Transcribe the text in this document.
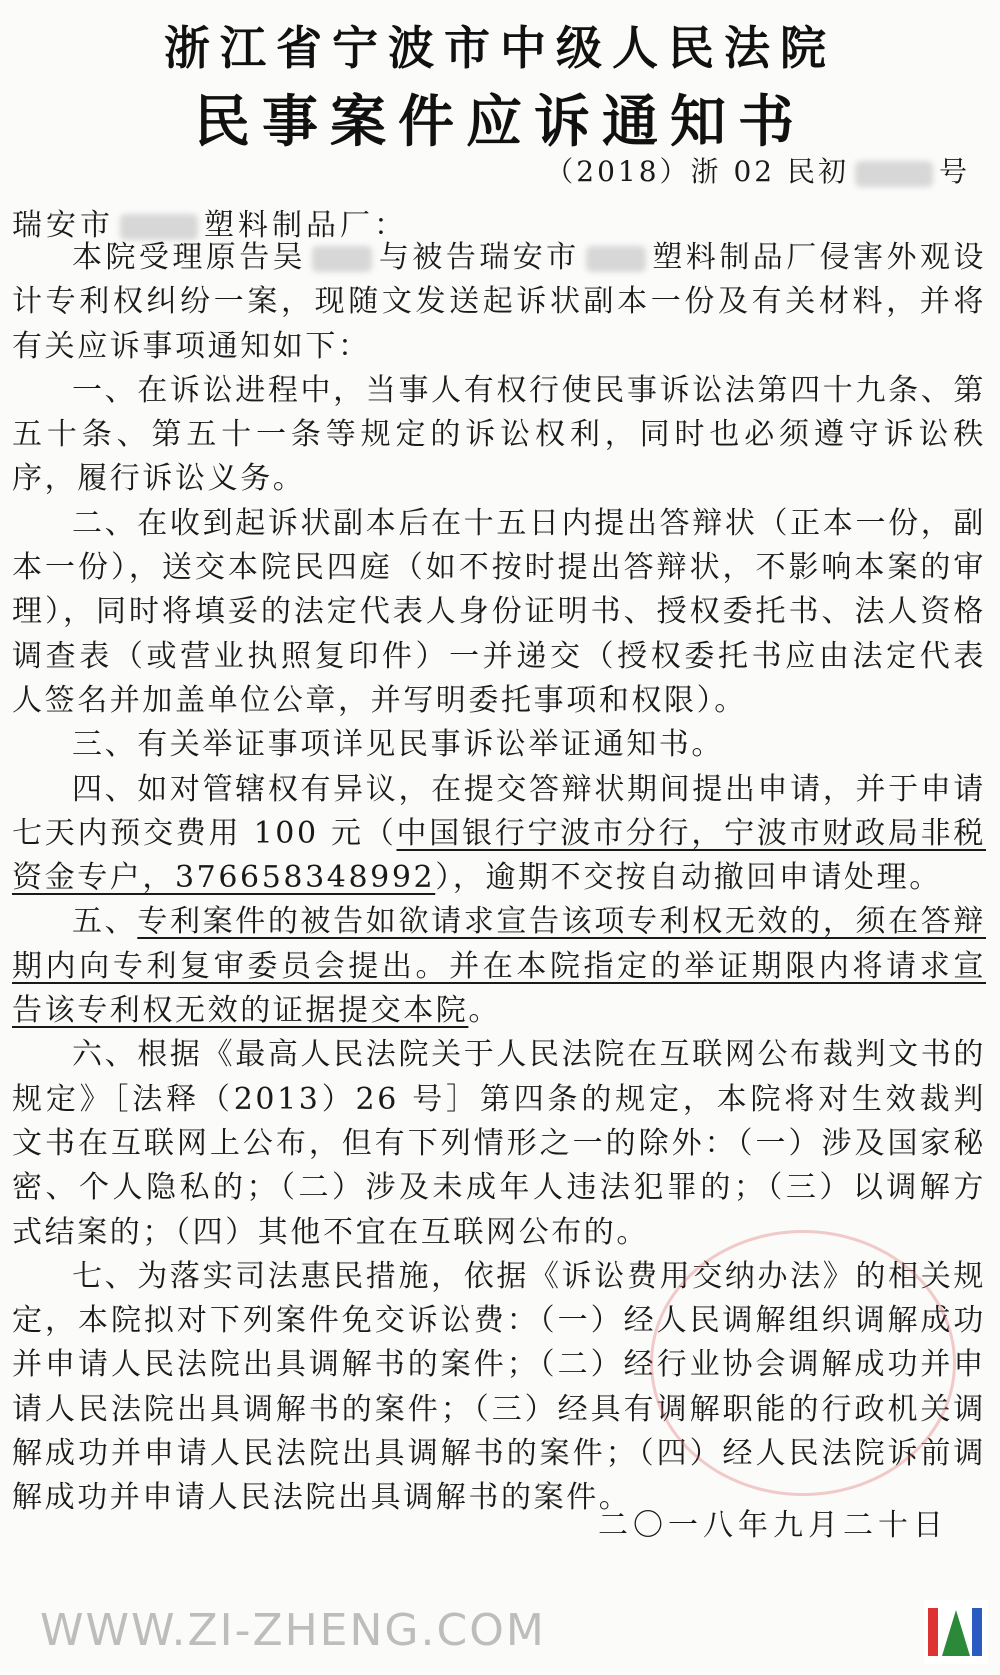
浙江省宁波市中级人民法院
民事案件应诉通知书
（2018）浙 02 民初	号
瑞安市	塑料制品厂：

本院受理原告吴 与被告瑞安市 塑料制品厂侵害外观设计专利权纠纷一案，现随文发送起诉状副本一份及有关材料，并将有关应诉事项通知如下：

一、在诉讼进程中，当事人有权行使民事诉讼法第四十九条、第五十条、第五十一条等规定的诉讼权利，同时也必须遵守诉讼秩序，履行诉讼义务。

二、在收到起诉状副本后在十五日内提出答辩状（正本一份，副本一份），送交本院民四庭（如不按时提出答辩状，不影响本案的审理），同时将填妥的法定代表人身份证明书、授权委托书、法人资格调查表（或营业执照复印件）一并递交（授权委托书应由法定代表人签名并加盖单位公章，并写明委托事项和权限）。

三、有关举证事项详见民事诉讼举证通知书。

四、如对管辖权有异议，在提交答辩状期间提出申请，并于申请七天内预交费用 100 元（中国银行宁波市分行，宁波市财政局非税资金专户，376658348992），逾期不交按自动撤回申请处理。

五、专利案件的被告如欲请求宣告该项专利权无效的，须在答辩期内向专利复审委员会提出。并在本院指定的举证期限内将请求宣告该专利权无效的证据提交本院。

六、根据《最高人民法院关于人民法院在互联网公布裁判文书的规定》［法释（2013）26 号］第四条的规定，本院将对生效裁判文书在互联网上公布，但有下列情形之一的除外：（一）涉及国家秘密、个人隐私的；（二）涉及未成年人违法犯罪的；（三）以调解方式结案的；（四）其他不宜在互联网公布的。

七、为落实司法惠民措施，依据《诉讼费用交纳办法》的相关规定，本院拟对下列案件免交诉讼费：（一）经人民调解组织调解成功并申请人民法院出具调解书的案件；（二）经行业协会调解成功并申请人民法院出具调解书的案件；（三）经具有调解职能的行政机关调解成功并申请人民法院出具调解书的案件；（四）经人民法院诉前调解成功并申请人民法院出具调解书的案件。

二〇一八年九月二十日
WWW.ZI-ZHENG.COM
